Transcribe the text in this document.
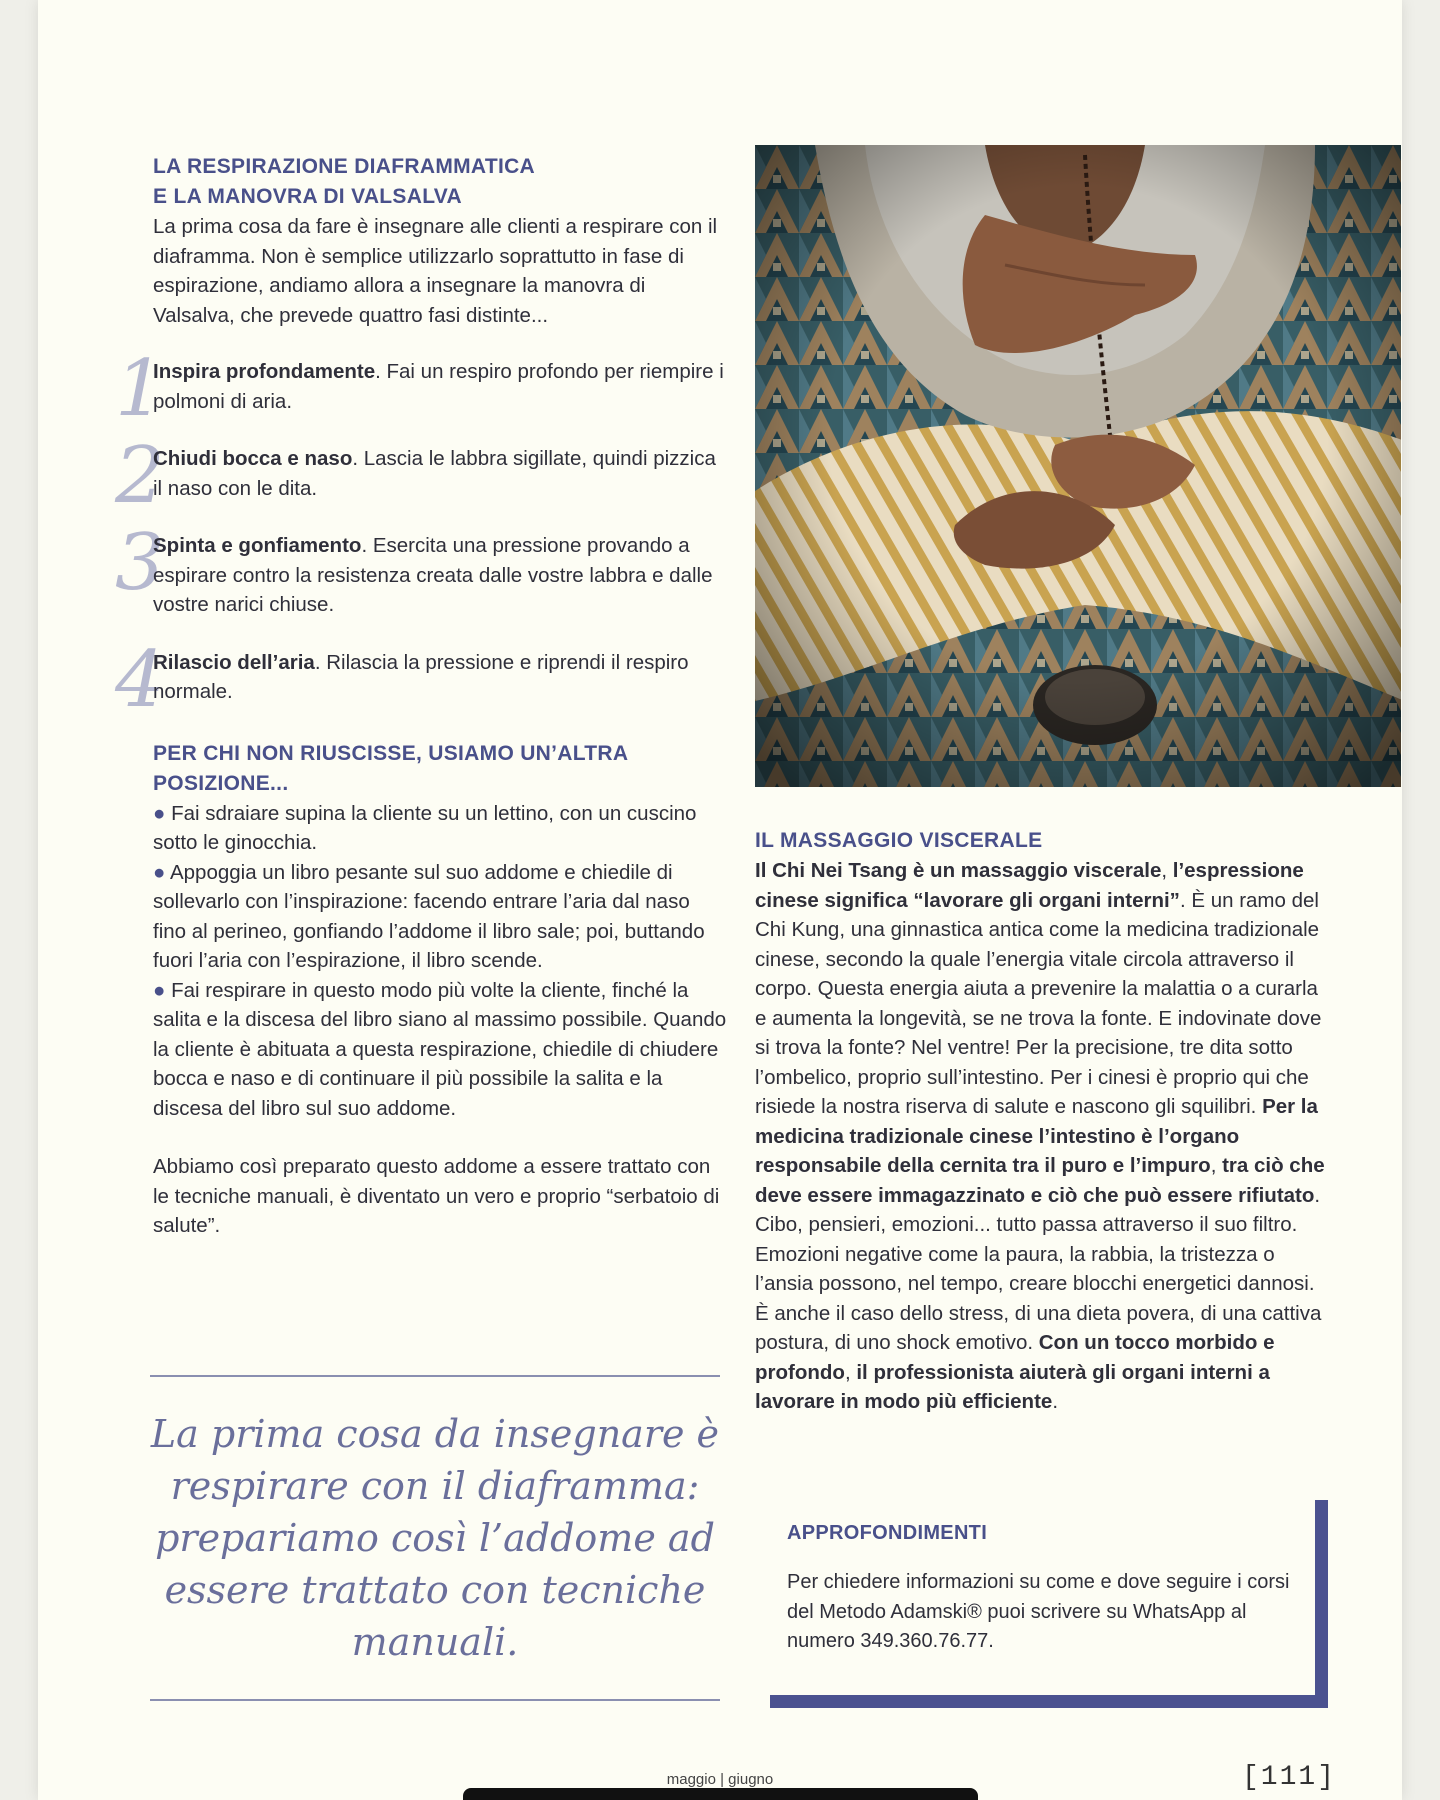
LA RESPIRAZIONE DIAFRAMMATICA
E LA MANOVRA DI VALSALVA

La prima cosa da fare è insegnare alle clienti a respirare con il diaframma. Non è semplice utilizzarlo soprattutto in fase di espirazione, andiamo allora a insegnare la manovra di Valsalva, che prevede quattro fasi distinte...

1

Inspira profondamente. Fai un respiro profondo per riempire i polmoni di aria.

2

Chiudi bocca e naso. Lascia le labbra sigillate, quindi pizzica il naso con le dita.

3

Spinta e gonfiamento. Esercita una pressione provando a espirare contro la resistenza creata dalle vostre labbra e dalle vostre narici chiuse.

4

Rilascio dell’aria. Rilascia la pressione e riprendi il respiro normale.

PER CHI NON RIUSCISSE, USIAMO UN’ALTRA POSIZIONE...

● Fai sdraiare supina la cliente su un lettino, con un cuscino sotto le ginocchia.

● Appoggia un libro pesante sul suo addome e chiedile di sollevarlo con l’inspirazione: facendo entrare l’aria dal naso fino al perineo, gonfiando l’addome il libro sale; poi, buttando fuori l’aria con l’espirazione, il libro scende.

● Fai respirare in questo modo più volte la cliente, finché la salita e la discesa del libro siano al massimo possibile. Quando la cliente è abituata a questa respirazione, chiedile di chiudere bocca e naso e di continuare il più possibile la salita e la discesa del libro sul suo addome.

Abbiamo così preparato questo addome a essere trattato con le tecniche manuali, è diventato un vero e proprio “serbatoio di salute”.

La prima cosa da insegnare è respirare con il diaframma: prepariamo così l’addome ad essere trattato con tecniche manuali.

IL MASSAGGIO VISCERALE

Il Chi Nei Tsang è un massaggio viscerale, l’espressione cinese significa “lavorare gli organi interni”. È un ramo del Chi Kung, una ginnastica antica come la medicina tradizionale cinese, secondo la quale l’energia vitale circola attraverso il corpo. Questa energia aiuta a prevenire la malattia o a curarla e aumenta la longevità, se ne trova la fonte. E indovinate dove si trova la fonte? Nel ventre! Per la precisione, tre dita sotto l’ombelico, proprio sull’intestino. Per i cinesi è proprio qui che risiede la nostra riserva di salute e nascono gli squilibri. Per la medicina tradizionale cinese l’intestino è l’organo responsabile della cernita tra il puro e l’impuro, tra ciò che deve essere immagazzinato e ciò che può essere rifiutato. Cibo, pensieri, emozioni... tutto passa attraverso il suo filtro. Emozioni negative come la paura, la rabbia, la tristezza o l’ansia possono, nel tempo, creare blocchi energetici dannosi. È anche il caso dello stress, di una dieta povera, di una cattiva postura, di uno shock emotivo. Con un tocco morbido e profondo, il professionista aiuterà gli organi interni a lavorare in modo più efficiente.

APPROFONDIMENTI

Per chiedere informazioni su come e dove seguire i corsi del Metodo Adamski® puoi scrivere su WhatsApp al numero 349.360.76.77.

maggio | giugno	[111]
